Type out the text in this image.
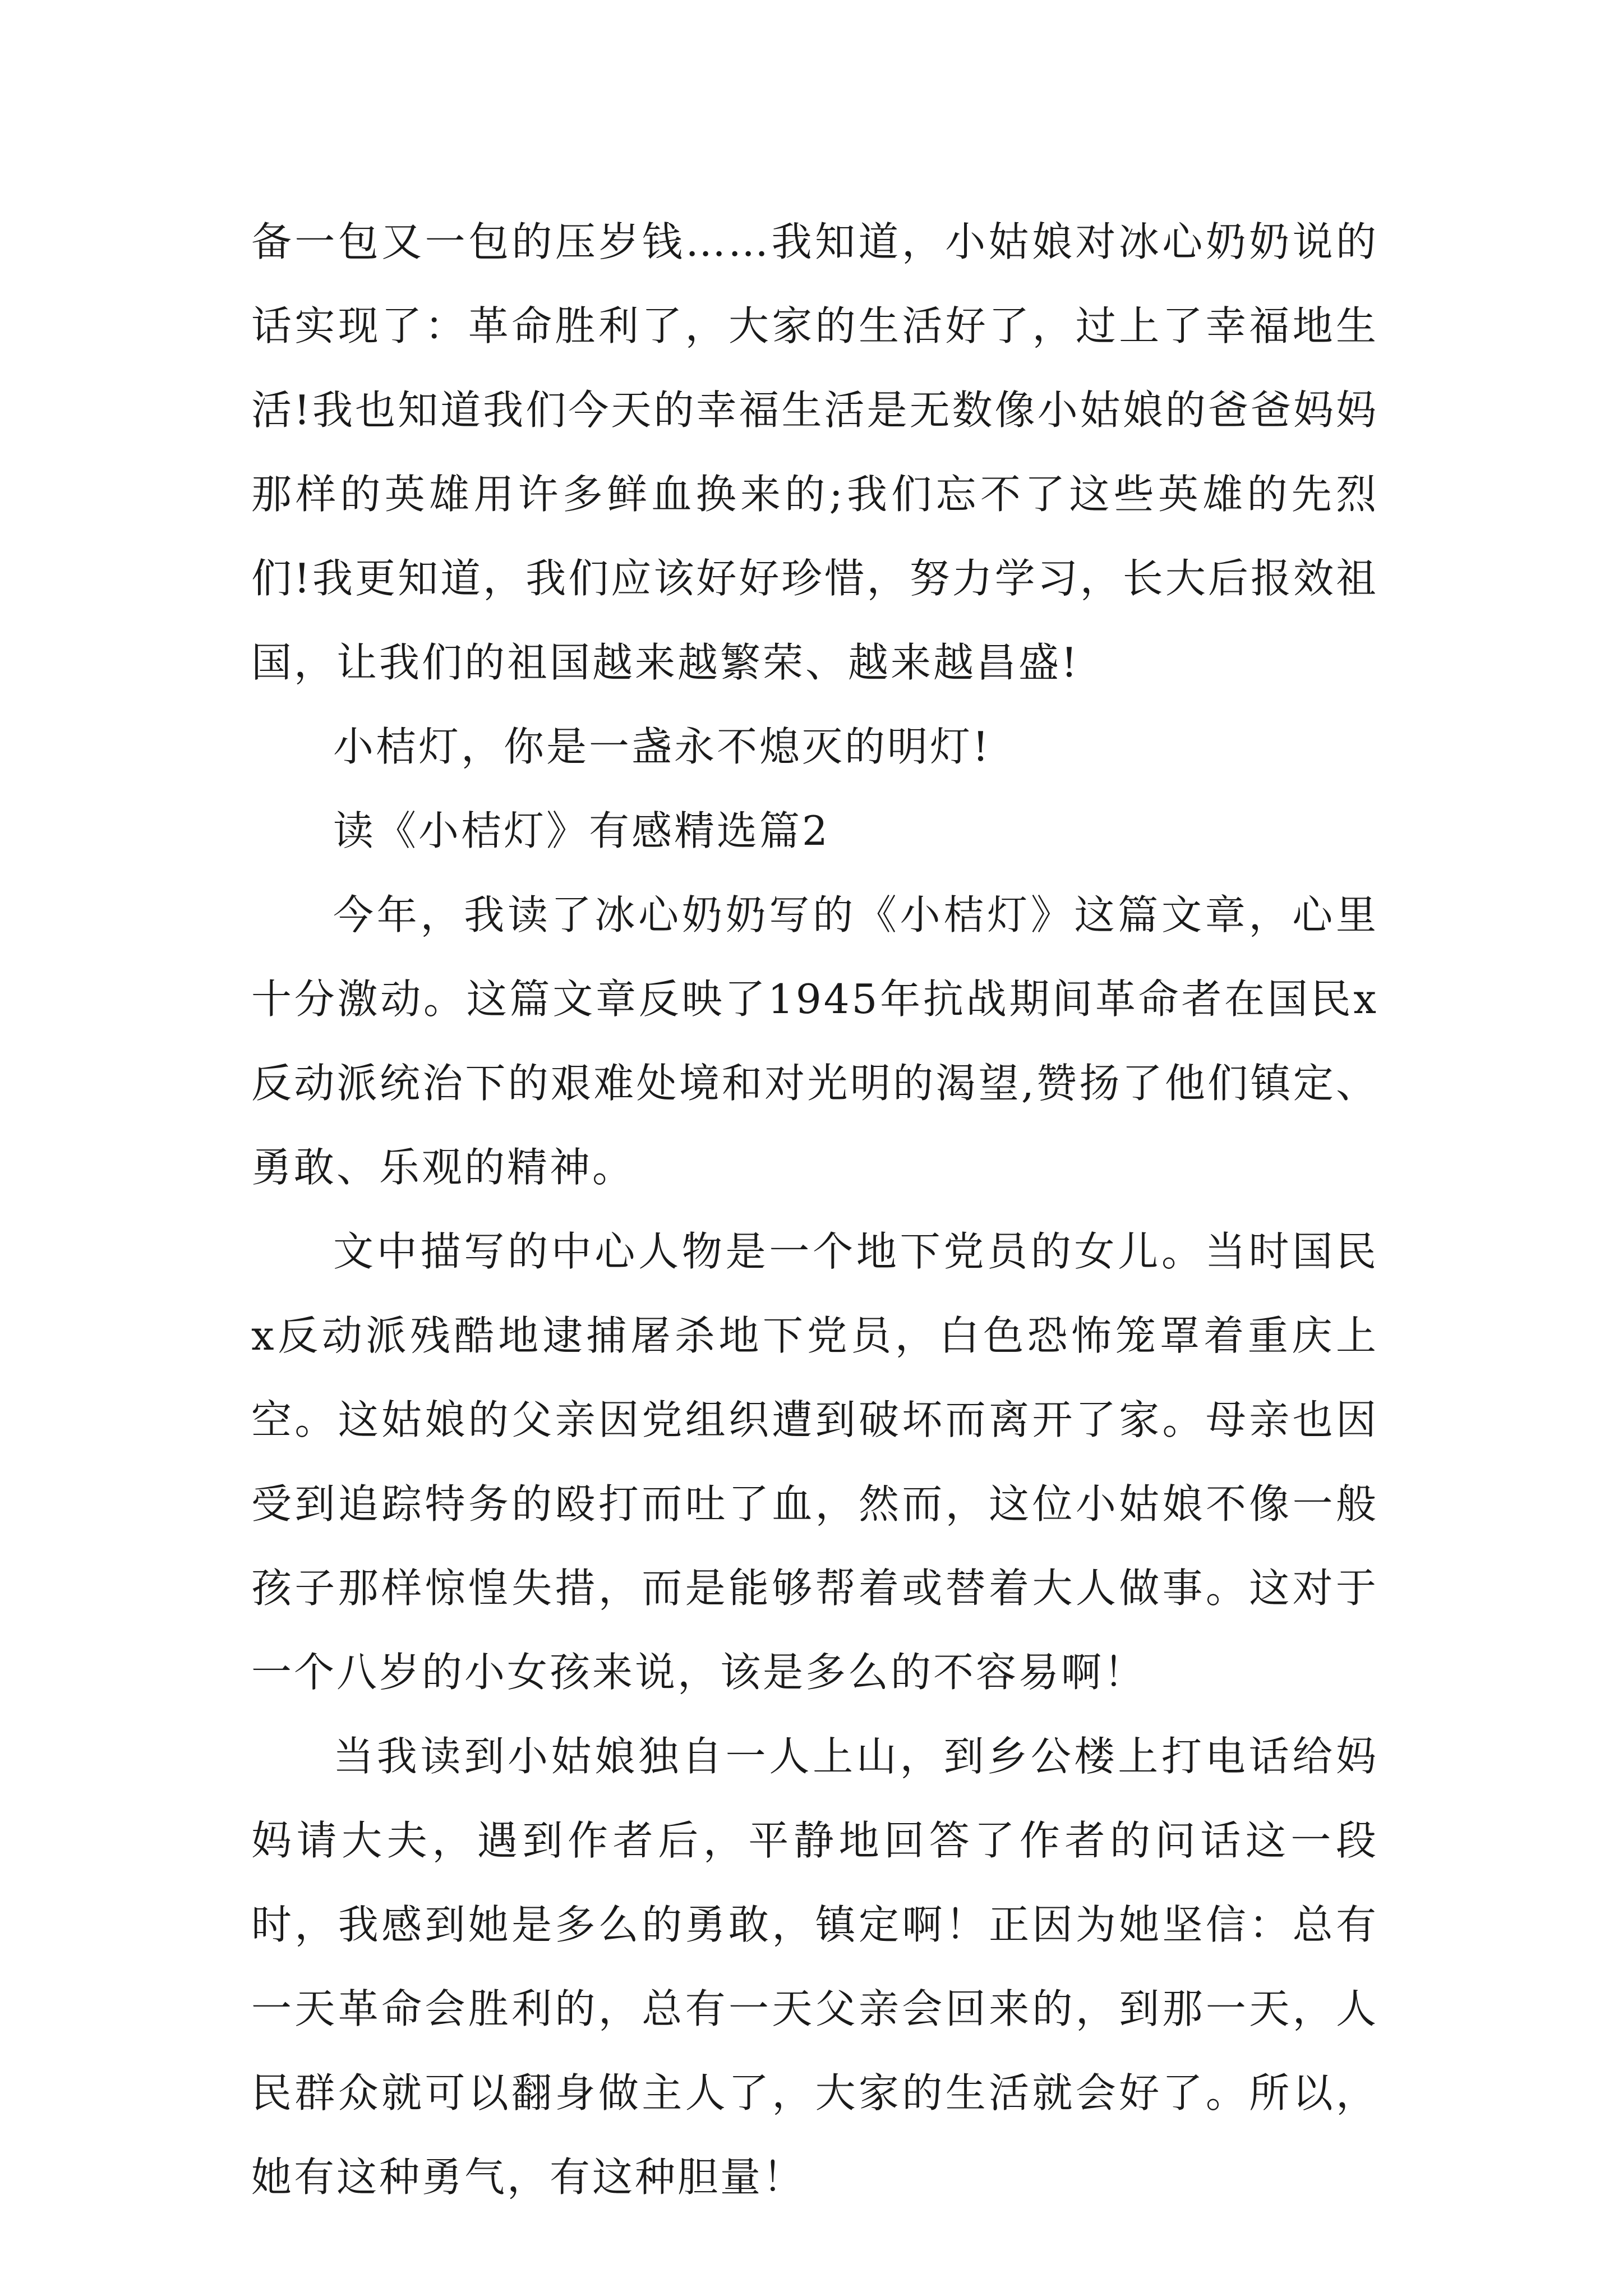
备一包又一包的压岁钱……我知道，小姑娘对冰心奶奶说的话实现了：革命胜利了，大家的生活好了，过上了幸福地生活!我也知道我们今天的幸福生活是无数像小姑娘的爸爸妈妈那样的英雄用许多鲜血换来的;我们忘不了这些英雄的先烈们!我更知道，我们应该好好珍惜，努力学习，长大后报效祖国，让我们的祖国越来越繁荣、越来越昌盛!

小桔灯，你是一盏永不熄灭的明灯!

读《小桔灯》有感精选篇2

今年，我读了冰心奶奶写的《小桔灯》这篇文章，心里十分激动。这篇文章反映了1945年抗战期间革命者在国民x反动派统治下的艰难处境和对光明的渴望,赞扬了他们镇定、勇敢、乐观的精神。

文中描写的中心人物是一个地下党员的女儿。当时国民x反动派残酷地逮捕屠杀地下党员，白色恐怖笼罩着重庆上空。这姑娘的父亲因党组织遭到破坏而离开了家。母亲也因受到追踪特务的殴打而吐了血，然而，这位小姑娘不像一般孩子那样惊惶失措，而是能够帮着或替着大人做事。这对于一个八岁的小女孩来说，该是多么的不容易啊！

当我读到小姑娘独自一人上山，到乡公楼上打电话给妈妈请大夫，遇到作者后，平静地回答了作者的问话这一段时，我感到她是多么的勇敢，镇定啊！正因为她坚信：总有一天革命会胜利的，总有一天父亲会回来的，到那一天，人民群众就可以翻身做主人了，大家的生活就会好了。所以，她有这种勇气，有这种胆量！
